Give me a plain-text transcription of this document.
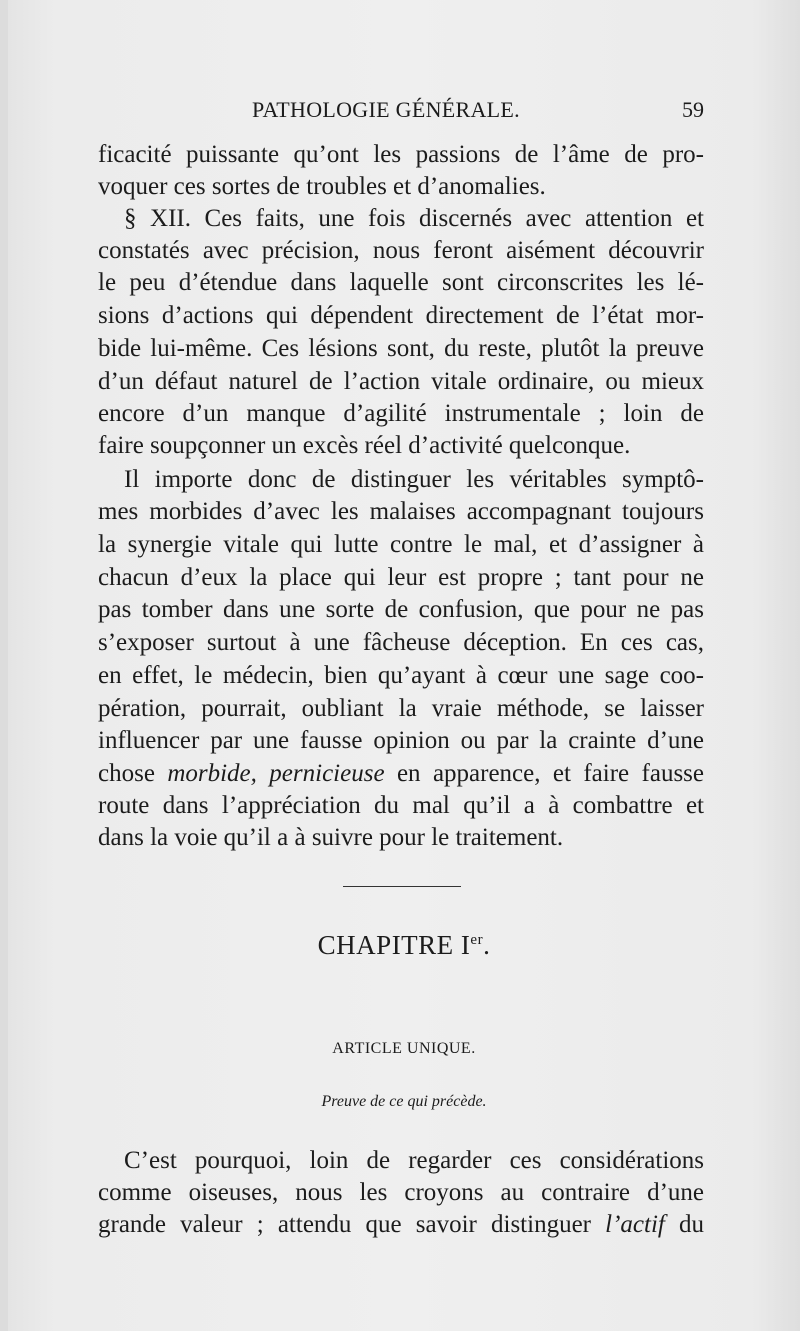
PATHOLOGIE GÉNÉRALE.	59
ficacité puissante qu’ont les passions de l’âme de pro-
voquer ces sortes de troubles et d’anomalies.
§ XII. Ces faits, une fois discernés avec attention et
constatés avec précision, nous feront aisément découvrir
le peu d’étendue dans laquelle sont circonscrites les lé-
sions d’actions qui dépendent directement de l’état mor-
bide lui-même. Ces lésions sont, du reste, plutôt la preuve
d’un défaut naturel de l’action vitale ordinaire, ou mieux
encore d’un manque d’agilité instrumentale ; loin de
faire soupçonner un excès réel d’activité quelconque.
Il importe donc de distinguer les véritables symptô-
mes morbides d’avec les malaises accompagnant toujours
la synergie vitale qui lutte contre le mal, et d’assigner à
chacun d’eux la place qui leur est propre ; tant pour ne
pas tomber dans une sorte de confusion, que pour ne pas
s’exposer surtout à une fâcheuse déception. En ces cas,
en effet, le médecin, bien qu’ayant à cœur une sage coo-
pération, pourrait, oubliant la vraie méthode, se laisser
influencer par une fausse opinion ou par la crainte d’une
chose morbide, pernicieuse en apparence, et faire fausse
route dans l’appréciation du mal qu’il a à combattre et
dans la voie qu’il a à suivre pour le traitement.
CHAPITRE Ier.
ARTICLE UNIQUE.
Preuve de ce qui précède.
C’est pourquoi, loin de regarder ces considérations
comme oiseuses, nous les croyons au contraire d’une
grande valeur ; attendu que savoir distinguer l’actif du
